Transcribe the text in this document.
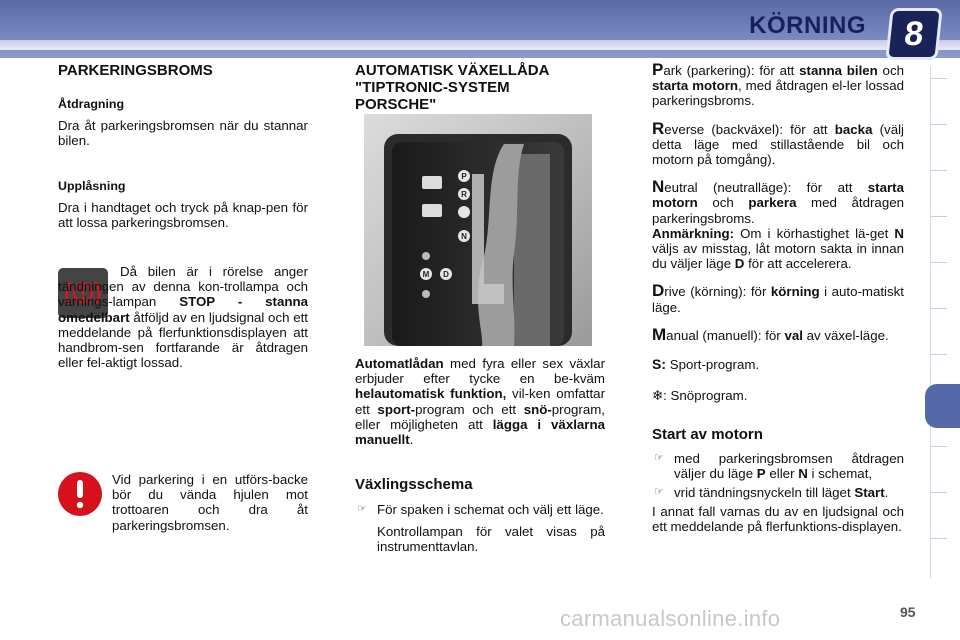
KÖRNING 8
PARKERINGSBROMS
Åtdragning

Dra åt parkeringsbromsen när du stannar bilen.

Upplåsning

Dra i handtaget och tryck på knap-pen för att lossa parkeringsbromsen.

Då bilen är i rörelse anger tändningen av denna kon-trollampa och varnings-lampan STOP - stanna omedelbart åtföljd av en ljudsignal och ett meddelande på flerfunktionsdisplayen att handbrom-sen fortfarande är åtdragen eller fel-aktigt lossad.

Vid parkering i en utförs-backe bör du vända hjulen mot trottoaren och dra åt parkeringsbromsen.

AUTOMATISK VÄXELLÅDA "TIPTRONIC-SYSTEM PORSCHE"
P
R
N
M D

Automatlådan med fyra eller sex växlar erbjuder efter tycke en be-kväm helautomatisk funktion, vil-ken omfattar ett sport-program och ett snö-program, eller möjligheten att lägga i växlarna manuellt.

Växlingsschema
☞ För spaken i schemat och välj ett läge.

Kontrollampan för valet visas på instrumenttavlan.

Park (parkering): för att stanna bilen och starta motorn, med åtdragen el-ler lossad parkeringsbroms.

Reverse (backväxel): för att backa (välj detta läge med stillastående bil och motorn på tomgång).

Neutral (neutralläge): för att starta motorn och parkera med åtdragen parkeringsbroms.

Anmärkning: Om i körhastighet lä-get N väljs av misstag, låt motorn sakta in innan du väljer läge D för att accelerera.

Drive (körning): för körning i auto-matiskt läge.

Manual (manuell): för val av växel-läge.

S: Sport-program.

❄: Snöprogram.

Start av motorn
☞ med parkeringsbromsen åtdragen väljer du läge P eller N i schemat,

☞ vrid tändningsnyckeln till läget Start.

I annat fall varnas du av en ljudsignal och ett meddelande på flerfunktions-displayen.

carmanualsonline.info	95
